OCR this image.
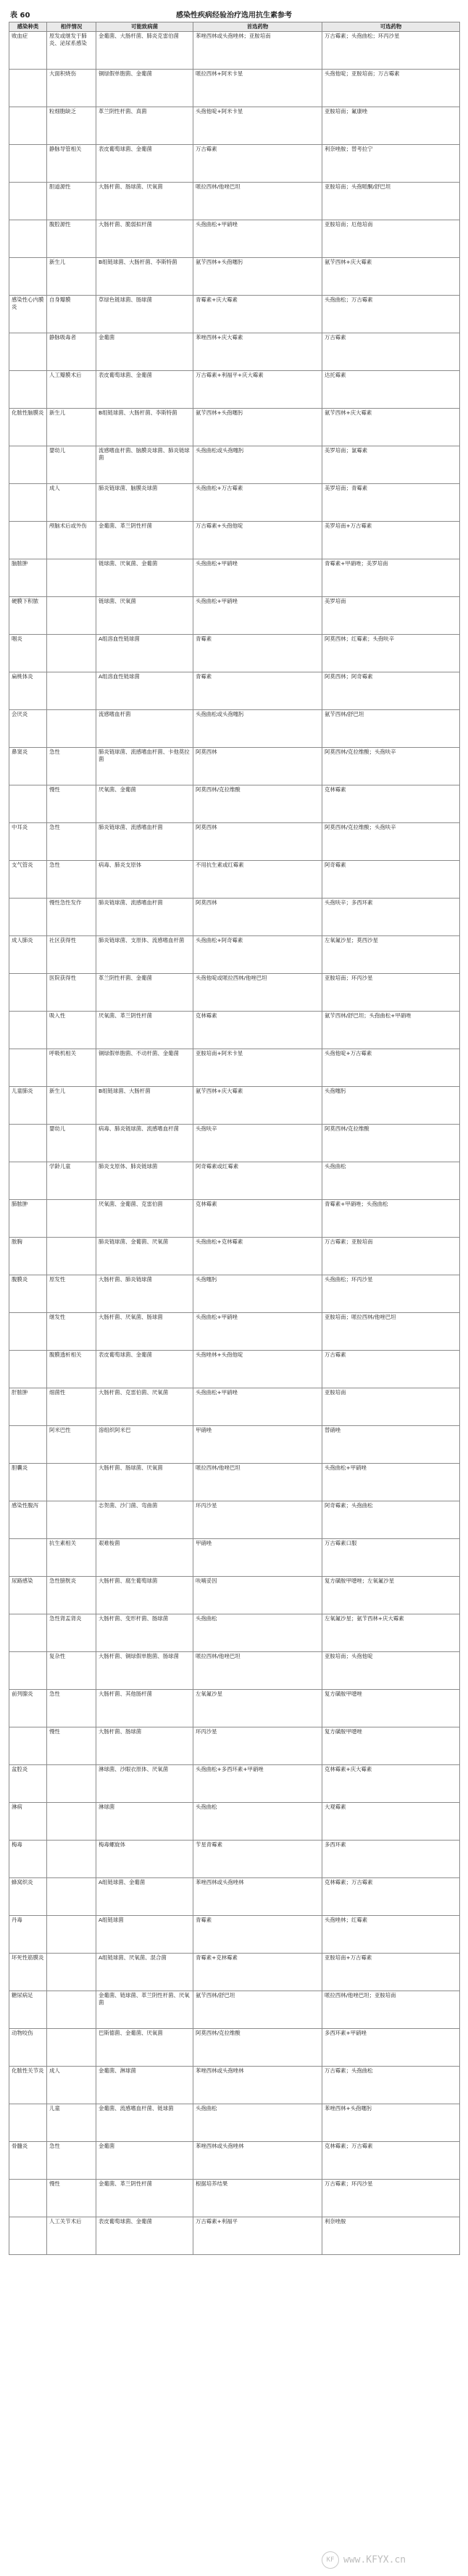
表 60	感染性疾病经验治疗选用抗生素参考
感染种类	相伴情况	可能致病菌	首选药物	可选药物
败血症	原发或继发于肺炎、泌尿系感染	金葡菌、大肠杆菌、肺炎克雷伯菌	苯唑西林或头孢唑林；亚胺培南	万古霉素；头孢曲松；环丙沙星
	大面积烧伤	铜绿假单胞菌、金葡菌	哌拉西林+阿米卡星	头孢他啶；亚胺培南；万古霉素
	粒细胞缺乏	革兰阴性杆菌、真菌	头孢他啶+阿米卡星	亚胺培南；氟康唑
	静脉导管相关	表皮葡萄球菌、金葡菌	万古霉素	利奈唑胺；替考拉宁
	胆道源性	大肠杆菌、肠球菌、厌氧菌	哌拉西林/他唑巴坦	亚胺培南；头孢哌酮/舒巴坦
	腹腔源性	大肠杆菌、脆弱拟杆菌	头孢曲松+甲硝唑	亚胺培南；厄他培南
	新生儿	B组链球菌、大肠杆菌、李斯特菌	氨苄西林+头孢噻肟	氨苄西林+庆大霉素
感染性心内膜炎	自身瓣膜	草绿色链球菌、肠球菌	青霉素+庆大霉素	头孢曲松；万古霉素
	静脉吸毒者	金葡菌	苯唑西林+庆大霉素	万古霉素
	人工瓣膜术后	表皮葡萄球菌、金葡菌	万古霉素+利福平+庆大霉素	达托霉素
化脓性脑膜炎	新生儿	B组链球菌、大肠杆菌、李斯特菌	氨苄西林+头孢噻肟	氨苄西林+庆大霉素
	婴幼儿	流感嗜血杆菌、脑膜炎球菌、肺炎链球菌	头孢曲松或头孢噻肟	美罗培南；氯霉素
	成人	肺炎链球菌、脑膜炎球菌	头孢曲松+万古霉素	美罗培南；青霉素
	颅脑术后或外伤	金葡菌、革兰阴性杆菌	万古霉素+头孢他啶	美罗培南+万古霉素
脑脓肿		链球菌、厌氧菌、金葡菌	头孢曲松+甲硝唑	青霉素+甲硝唑；美罗培南
硬膜下积脓		链球菌、厌氧菌	头孢曲松+甲硝唑	美罗培南
咽炎		A组溶血性链球菌	青霉素	阿莫西林；红霉素；头孢呋辛
扁桃体炎		A组溶血性链球菌	青霉素	阿莫西林；阿奇霉素
会厌炎		流感嗜血杆菌	头孢曲松或头孢噻肟	氨苄西林/舒巴坦
鼻窦炎	急性	肺炎链球菌、流感嗜血杆菌、卡他莫拉菌	阿莫西林	阿莫西林/克拉维酸；头孢呋辛
	慢性	厌氧菌、金葡菌	阿莫西林/克拉维酸	克林霉素
中耳炎	急性	肺炎链球菌、流感嗜血杆菌	阿莫西林	阿莫西林/克拉维酸；头孢呋辛
支气管炎	急性	病毒、肺炎支原体	不用抗生素或红霉素	阿奇霉素
	慢性急性发作	肺炎链球菌、流感嗜血杆菌	阿莫西林	头孢呋辛；多西环素
成人肺炎	社区获得性	肺炎链球菌、支原体、流感嗜血杆菌	头孢曲松+阿奇霉素	左氧氟沙星；莫西沙星
	医院获得性	革兰阴性杆菌、金葡菌	头孢他啶或哌拉西林/他唑巴坦	亚胺培南；环丙沙星
	吸入性	厌氧菌、革兰阴性杆菌	克林霉素	氨苄西林/舒巴坦；头孢曲松+甲硝唑
	呼吸机相关	铜绿假单胞菌、不动杆菌、金葡菌	亚胺培南+阿米卡星	头孢他啶+万古霉素
儿童肺炎	新生儿	B组链球菌、大肠杆菌	氨苄西林+庆大霉素	头孢噻肟
	婴幼儿	病毒、肺炎链球菌、流感嗜血杆菌	头孢呋辛	阿莫西林/克拉维酸
	学龄儿童	肺炎支原体、肺炎链球菌	阿奇霉素或红霉素	头孢曲松
肺脓肿		厌氧菌、金葡菌、克雷伯菌	克林霉素	青霉素+甲硝唑；头孢曲松
脓胸		肺炎链球菌、金葡菌、厌氧菌	头孢曲松+克林霉素	万古霉素；亚胺培南
腹膜炎	原发性	大肠杆菌、肺炎链球菌	头孢噻肟	头孢曲松；环丙沙星
	继发性	大肠杆菌、厌氧菌、肠球菌	头孢曲松+甲硝唑	亚胺培南；哌拉西林/他唑巴坦
	腹膜透析相关	表皮葡萄球菌、金葡菌	头孢唑林+头孢他啶	万古霉素
肝脓肿	细菌性	大肠杆菌、克雷伯菌、厌氧菌	头孢曲松+甲硝唑	亚胺培南
	阿米巴性	溶组织阿米巴	甲硝唑	替硝唑
胆囊炎		大肠杆菌、肠球菌、厌氧菌	哌拉西林/他唑巴坦	头孢曲松+甲硝唑
感染性腹泻		志贺菌、沙门菌、弯曲菌	环丙沙星	阿奇霉素；头孢曲松
	抗生素相关	艰难梭菌	甲硝唑	万古霉素口服
尿路感染	急性膀胱炎	大肠杆菌、腐生葡萄球菌	呋喃妥因	复方磺胺甲噁唑；左氧氟沙星
	急性肾盂肾炎	大肠杆菌、变形杆菌、肠球菌	头孢曲松	左氧氟沙星；氨苄西林+庆大霉素
	复杂性	大肠杆菌、铜绿假单胞菌、肠球菌	哌拉西林/他唑巴坦	亚胺培南；头孢他啶
前列腺炎	急性	大肠杆菌、其他肠杆菌	左氧氟沙星	复方磺胺甲噁唑
	慢性	大肠杆菌、肠球菌	环丙沙星	复方磺胺甲噁唑
盆腔炎		淋球菌、沙眼衣原体、厌氧菌	头孢曲松+多西环素+甲硝唑	克林霉素+庆大霉素
淋病		淋球菌	头孢曲松	大观霉素
梅毒		梅毒螺旋体	苄星青霉素	多西环素
蜂窝织炎		A组链球菌、金葡菌	苯唑西林或头孢唑林	克林霉素；万古霉素
丹毒		A组链球菌	青霉素	头孢唑林；红霉素
坏死性筋膜炎		A组链球菌、厌氧菌、混合菌	青霉素+克林霉素	亚胺培南+万古霉素
糖尿病足		金葡菌、链球菌、革兰阴性杆菌、厌氧菌	氨苄西林/舒巴坦	哌拉西林/他唑巴坦；亚胺培南
动物咬伤		巴斯德菌、金葡菌、厌氧菌	阿莫西林/克拉维酸	多西环素+甲硝唑
化脓性关节炎	成人	金葡菌、淋球菌	苯唑西林或头孢唑林	万古霉素；头孢曲松
	儿童	金葡菌、流感嗜血杆菌、链球菌	头孢曲松	苯唑西林+头孢噻肟
骨髓炎	急性	金葡菌	苯唑西林或头孢唑林	克林霉素；万古霉素
	慢性	金葡菌、革兰阴性杆菌	根据培养结果	万古霉素；环丙沙星
	人工关节术后	表皮葡萄球菌、金葡菌	万古霉素+利福平	利奈唑胺
KF www.KFYX.cn
